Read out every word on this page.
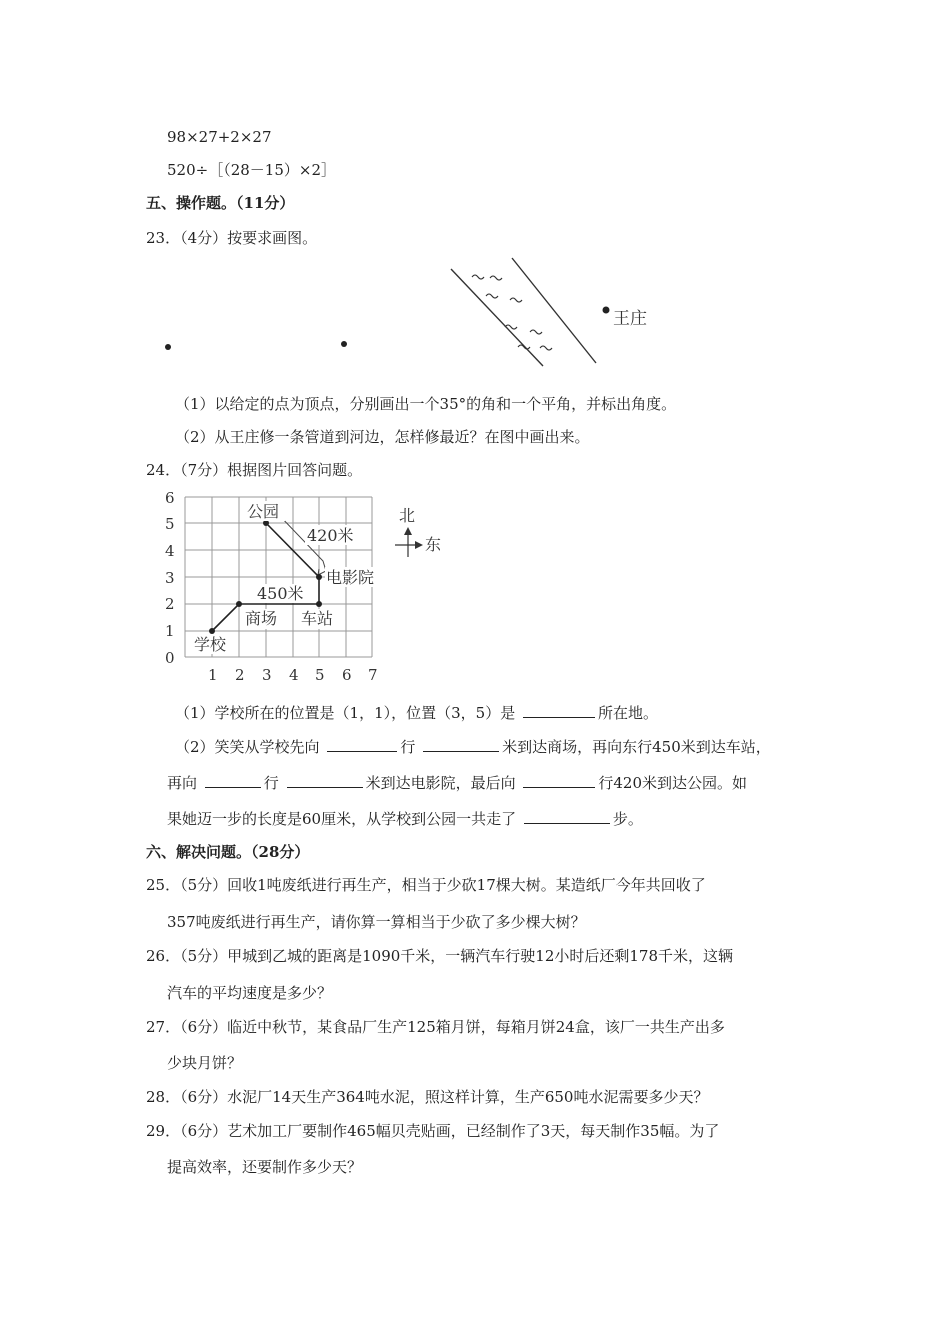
98×27+2×27
520÷［（28－15）×2］
五、操作题。（11分）
23．（4分）按要求画图。
王庄
（1）以给定的点为顶点，分别画出一个35°的角和一个平角，并标出角度。
（2）从王庄修一条管道到河边，怎样修最近？在图中画出来。
24．（7分）根据图片回答问题。
6
5
4
3
2
1
0
1 2 3 4 5 6 7
公园
420米
电影院
450米
商场 车站
学校
北
东
（1）学校所在的位置是（1，1），位置（3，5）是	所在地。
（2）笑笑从学校先向	行	米到达商场，再向东行450米到达车站，
再向	行	米到达电影院，最后向	行420米到达公园。如
果她迈一步的长度是60厘米，从学校到公园一共走了	步。
六、解决问题。（28分）
25．（5分）回收1吨废纸进行再生产，相当于少砍17棵大树。某造纸厂今年共回收了
357吨废纸进行再生产，请你算一算相当于少砍了多少棵大树？
26．（5分）甲城到乙城的距离是1090千米，一辆汽车行驶12小时后还剩178千米，这辆
汽车的平均速度是多少？
27．（6分）临近中秋节，某食品厂生产125箱月饼，每箱月饼24盒，该厂一共生产出多
少块月饼？
28．（6分）水泥厂14天生产364吨水泥，照这样计算，生产650吨水泥需要多少天？
29．（6分）艺术加工厂要制作465幅贝壳贴画，已经制作了3天，每天制作35幅。为了
提高效率，还要制作多少天？
